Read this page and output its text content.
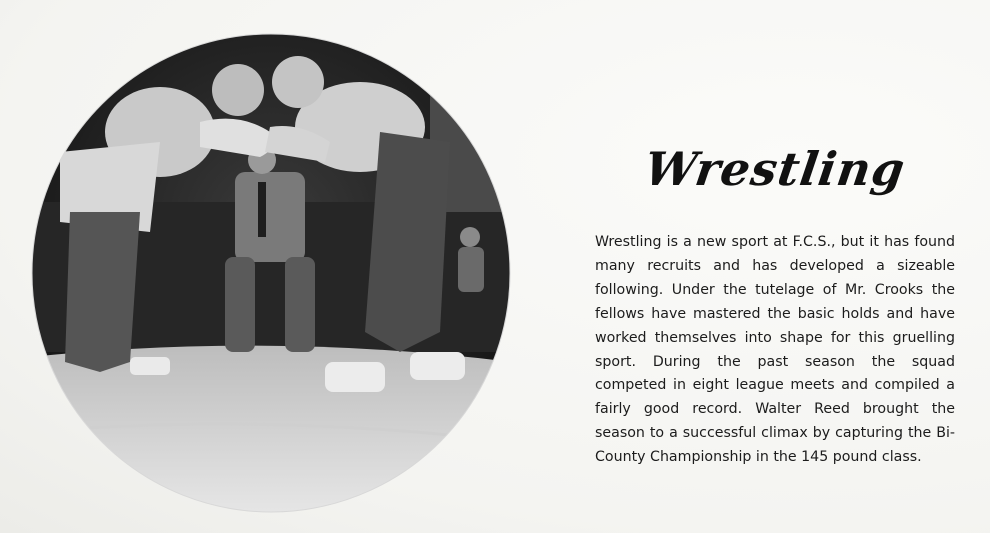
Wrestling
Wrestling is a new sport at F.C.S., but it has found many recruits and has developed a sizeable following. Under the tutelage of Mr. Crooks the fellows have mastered the basic holds and have worked themselves into shape for this gruelling sport. During the past season the squad competed in eight league meets and compiled a fairly good record. Walter Reed brought the season to a successful climax by capturing the Bi-County Championship in the 145 pound class.
